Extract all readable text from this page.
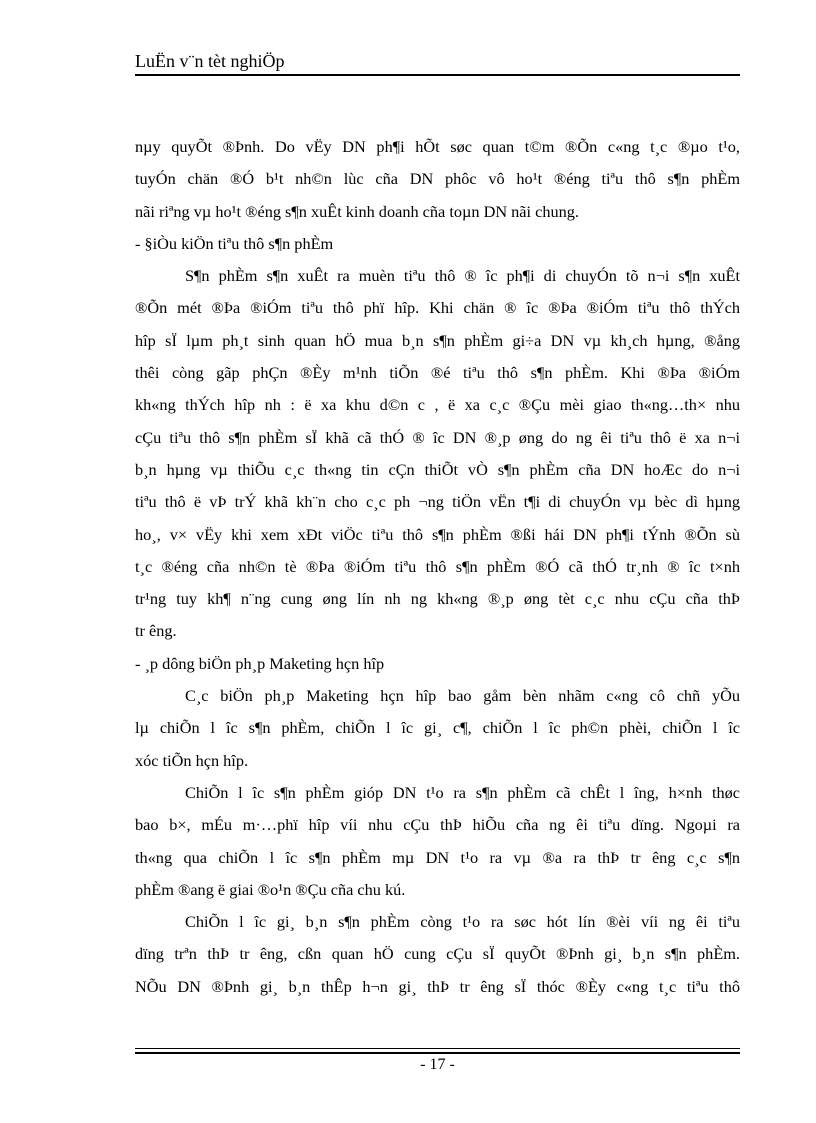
LuËn v¨n tèt nghiÖp
nµy quyÕt ®Þnh. Do vËy DN ph¶i hÕt søc quan t©m ®Õn c«ng t¸c ®µo t¹o,
tuyÓn chän ®Ó b¹t nh©n lùc cña DN phôc vô ho¹t ®éng tiªu thô s¶n phÈm
nãi riªng vµ ho¹t ®éng s¶n xuÊt kinh doanh cña toµn DN nãi chung.
- §iÒu kiÖn tiªu thô s¶n phÈm
S¶n phÈm s¶n xuÊt ra muèn tiªu thô ® îc ph¶i di chuyÓn tõ n¬i s¶n xuÊt
®Õn mét ®Þa ®iÓm tiªu thô phï hîp. Khi chän ® îc ®Þa ®iÓm tiªu thô thÝch
hîp sÏ lµm ph¸t sinh quan hÖ mua b¸n s¶n phÈm gi÷a DN vµ kh¸ch hµng, ®ång
thêi còng gãp phÇn ®Èy m¹nh tiÕn ®é tiªu thô s¶n phÈm. Khi ®Þa ®iÓm
kh«ng thÝch hîp nh : ë xa khu d©n c , ë xa c¸c ®Çu mèi giao th«ng…th× nhu
cÇu tiªu thô s¶n phÈm sÏ khã cã thÓ ® îc DN ®¸p øng do ng êi tiªu thô ë xa n¬i
b¸n hµng vµ thiÕu c¸c th«ng tin cÇn thiÕt vÒ s¶n phÈm cña DN hoÆc do n¬i
tiªu thô ë vÞ trÝ khã kh¨n cho c¸c ph ¬ng tiÖn vËn t¶i di chuyÓn vµ bèc dì hµng
ho¸, v× vËy khi xem xÐt viÖc tiªu thô s¶n phÈm ®ßi hái DN ph¶i tÝnh ®Õn sù
t¸c ®éng cña nh©n tè ®Þa ®iÓm tiªu thô s¶n phÈm ®Ó cã thÓ tr¸nh ® îc t×nh
tr¹ng tuy kh¶ n¨ng cung øng lín nh ng kh«ng ®¸p øng tèt c¸c nhu cÇu cña thÞ
tr êng.
- ¸p dông biÖn ph¸p Maketing hçn hîp
C¸c biÖn ph¸p Maketing hçn hîp bao gåm bèn nhãm c«ng cô chñ yÕu
lµ chiÕn l îc s¶n phÈm, chiÕn l îc gi¸ c¶, chiÕn l îc ph©n phèi, chiÕn l îc
xóc tiÕn hçn hîp.
ChiÕn l îc s¶n phÈm gióp DN t¹o ra s¶n phÈm cã chÊt l îng, h×nh thøc
bao b×, mÉu m·…phï hîp víi nhu cÇu thÞ hiÕu cña ng êi tiªu dïng. Ngoµi ra
th«ng qua chiÕn l îc s¶n phÈm mµ DN t¹o ra vµ ®a ra thÞ tr êng c¸c s¶n
phÈm ®ang ë giai ®o¹n ®Çu cña chu kú.
ChiÕn l îc gi¸ b¸n s¶n phÈm còng t¹o ra søc hót lín ®èi víi ng êi tiªu
dïng trªn thÞ tr êng, cßn quan hÖ cung cÇu sÏ quyÕt ®Þnh gi¸ b¸n s¶n phÈm.
NÕu DN ®Þnh gi¸ b¸n thÊp h¬n gi¸ thÞ tr êng sÏ thóc ®Èy c«ng t¸c tiªu thô
- 17 -
